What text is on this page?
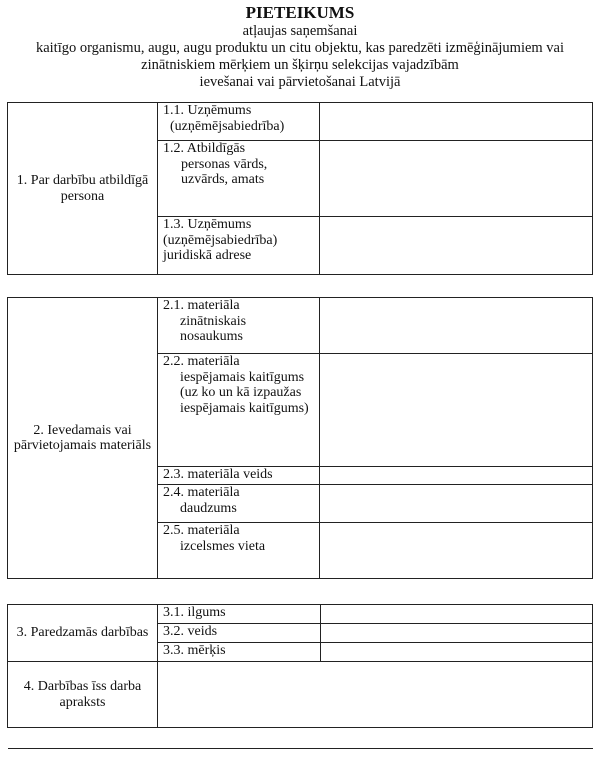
PIETEIKUMS
atļaujas saņemšanai
kaitīgo organismu, augu, augu produktu un citu objektu, kas paredzēti izmēģinājumiem vai
zinātniskiem mērķiem un šķirņu selekcijas vajadzībām
ievešanai vai pārvietošanai Latvijā
1. Par darbību atbildīgā persona	1.1. Uzņēmums
(uzņēmējsabiedrība)	

	1.2. Atbildīgās
personas vārds, uzvārds, amats	

	1.3. Uzņēmums
(uzņēmējsabiedrība) juridiskā adrese	

2. Ievedamais vai pārvietojamais materiāls	2.1. materiāla
zinātniskais nosaukums	

	2.2. materiāla
iespējamais kaitīgums (uz ko un kā izpaužas iespējamais kaitīgums)	

	2.3. materiāla veids	
	2.4. materiāla
daudzums	

	2.5. materiāla
izcelsmes vieta	

3. Paredzamās darbības	3.1. ilgums	
	3.2. veids	
	3.3. mērķis	
4. Darbības īss darba apraksts		
